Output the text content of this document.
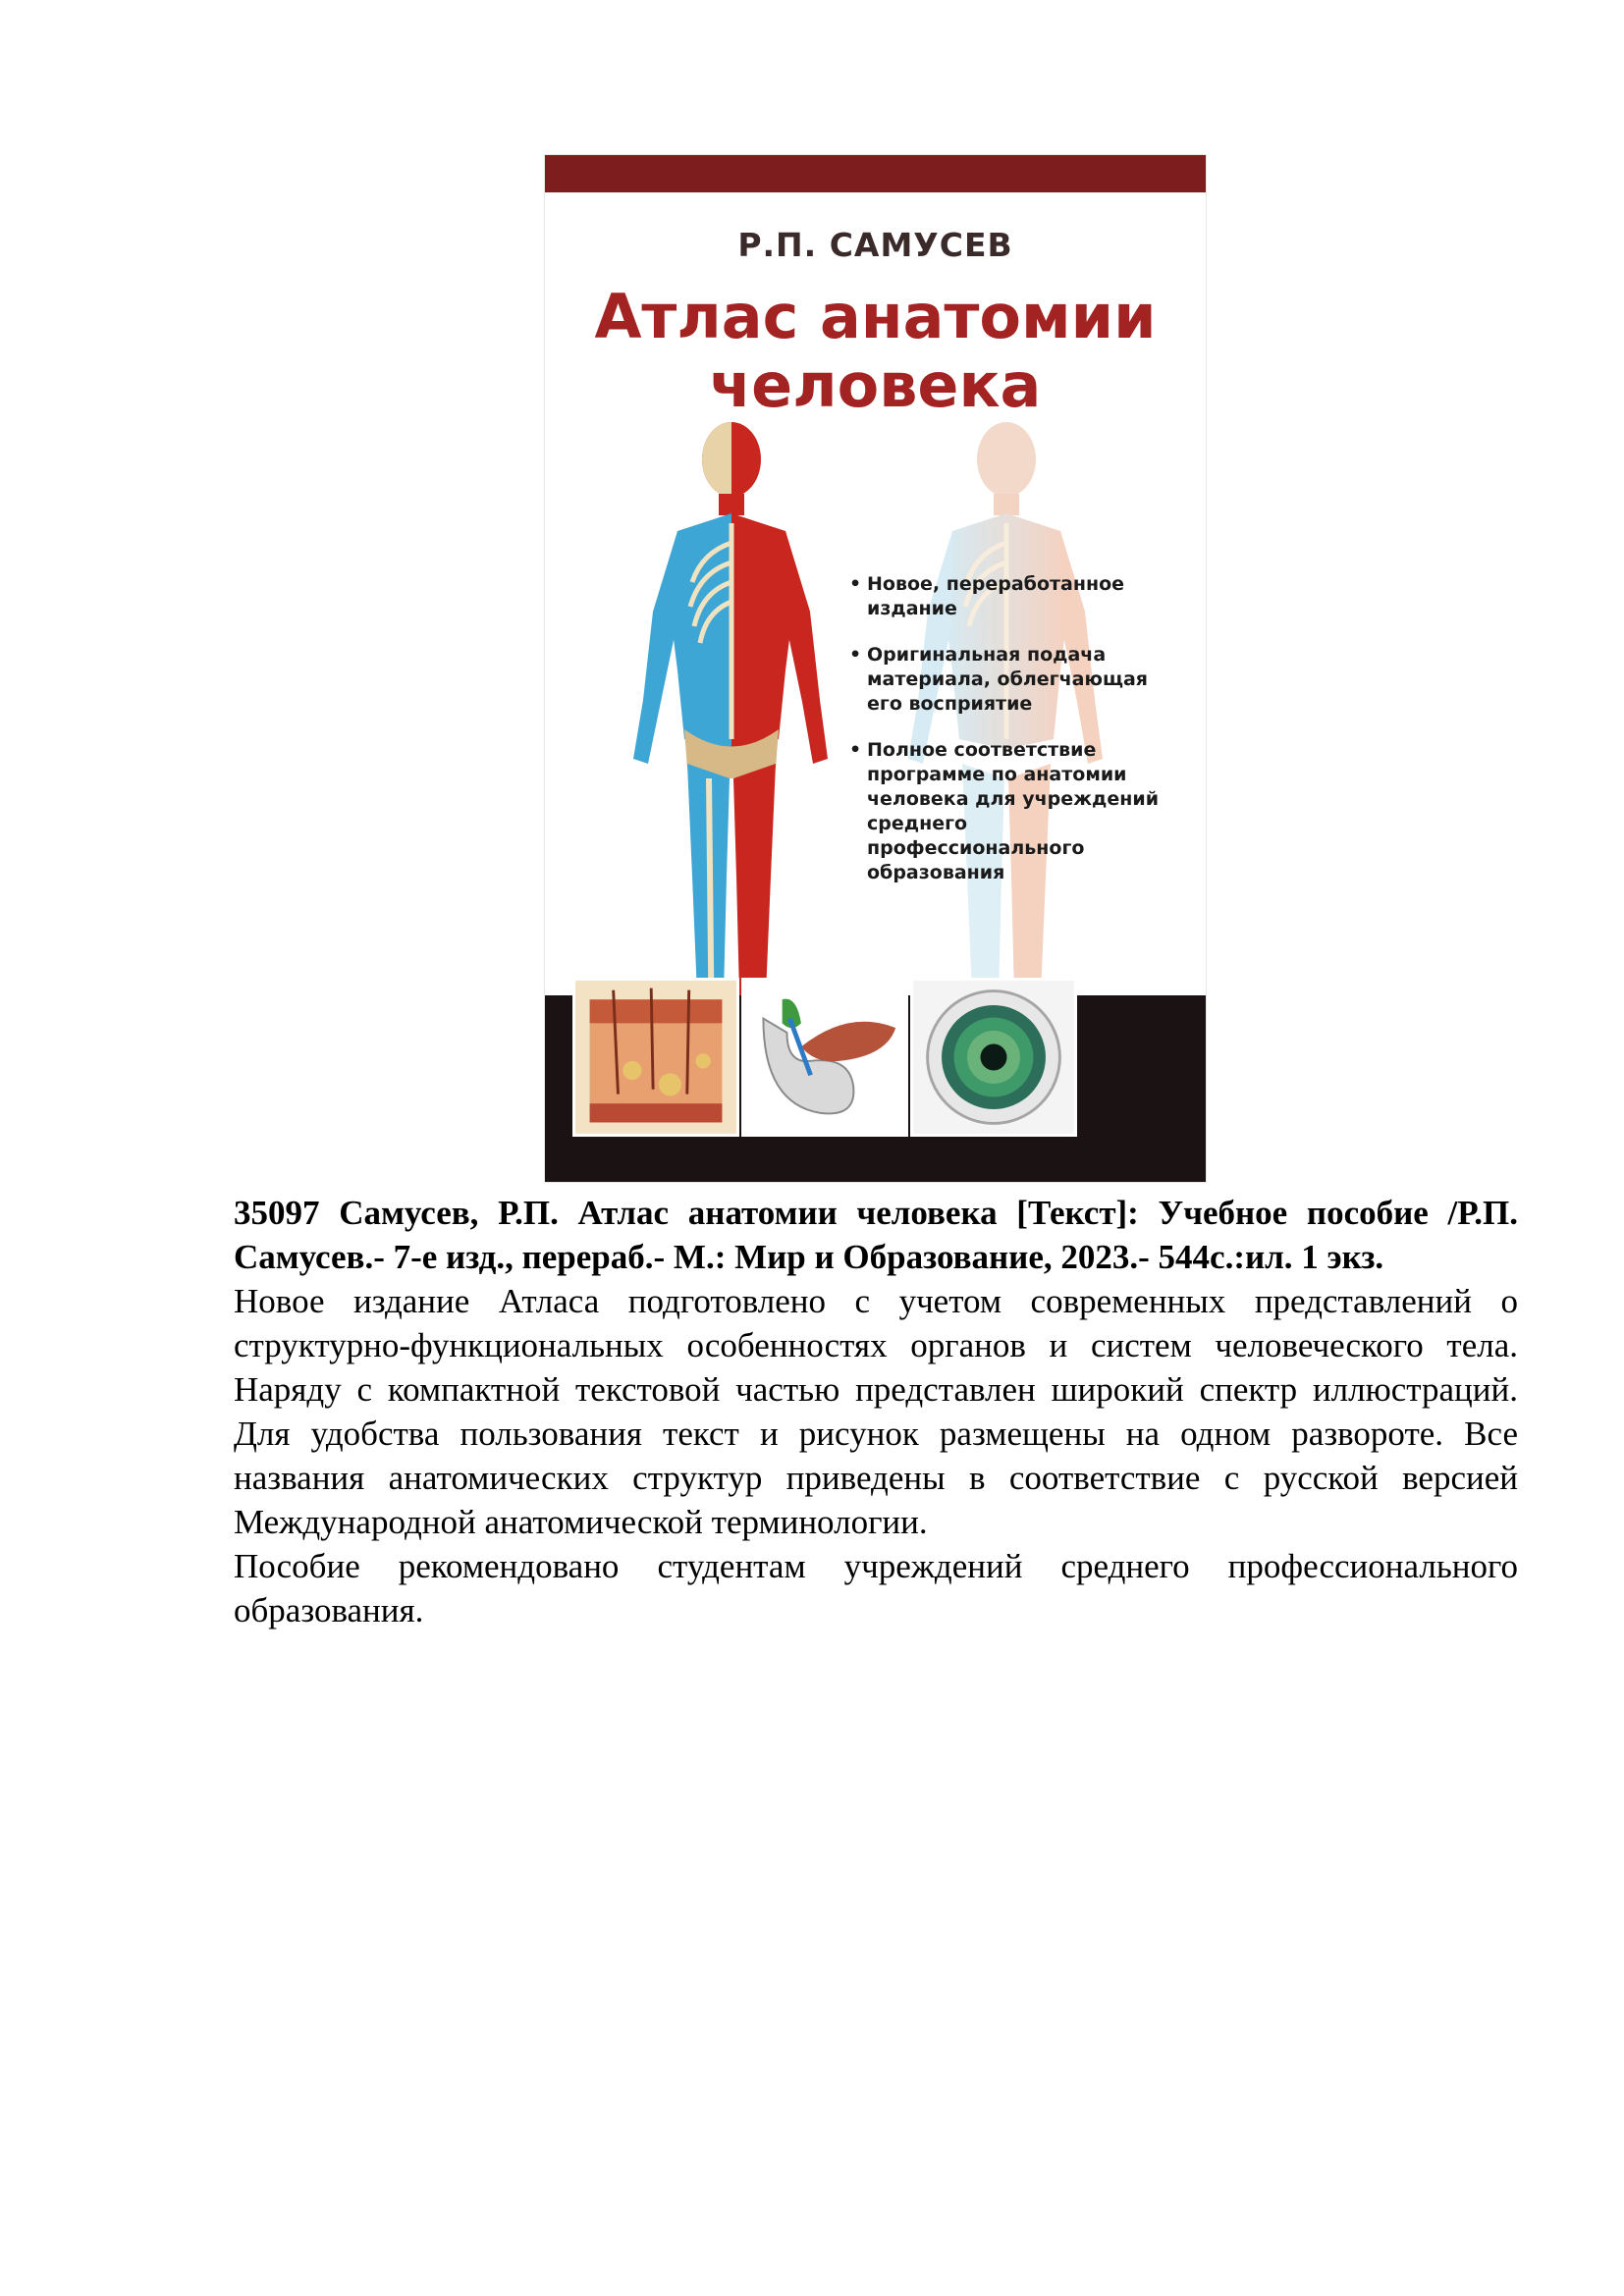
Р.П. САМУСЕВ
Атлас анатомии
человека
• Новое, переработанное издание
• Оригинальная подача материала, облегчающая его восприятие
• Полное соответствие программе по анатомии человека для учреждений среднего профессионального образования

35097 Самусев, Р.П. Атлас анатомии человека [Текст]: Учебное пособие /Р.П. Самусев.- 7-е изд., перераб.- М.: Мир и Образование, 2023.- 544с.:ил. 1 экз.

Новое издание Атласа подготовлено с учетом современных представлений о структурно-функциональных особенностях органов и систем человеческого тела. Наряду с компактной текстовой частью представлен широкий спектр иллюстраций. Для удобства пользования текст и рисунок размещены на одном развороте. Все названия анатомических структур приведены в соответствие с русской версией Международной анатомической терминологии.

Пособие рекомендовано студентам учреждений среднего профессионального образования.
